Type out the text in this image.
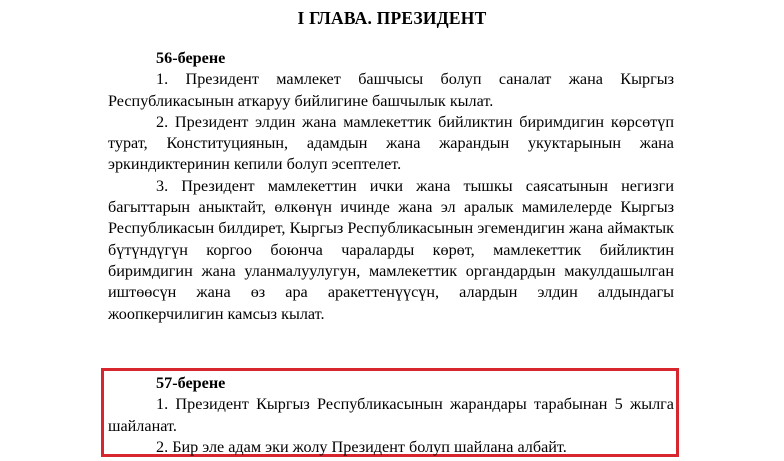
I ГЛАВА. ПРЕЗИДЕНТ

56-берене

1. Президент мамлекет башчысы болуп саналат жана Кыргыз Республикасынын аткаруу бийлигине башчылык кылат.

2. Президент элдин жана мамлекеттик бийликтин биримдигин көрсөтүп турат, Конституциянын, адамдын жана жарандын укуктарынын жана эркиндиктеринин кепили болуп эсептелет.

3. Президент мамлекеттин ички жана тышкы саясатынын негизги багыттарын аныктайт, өлкөнүн ичинде жана эл аралык мамилелерде Кыргыз Республикасын билдирет, Кыргыз Республикасынын эгемендигин жана аймактык бүтүндүгүн коргоо боюнча чараларды көрөт, мамлекеттик бийликтин биримдигин жана уланмалуулугун, мамлекеттик органдардын макулдашылган иштөөсүн жана өз ара аракеттенүүсүн, алардын элдин алдындагы жоопкерчилигин камсыз кылат.

57-берене

1. Президент Кыргыз Республикасынын жарандары тарабынан 5 жылга шайланат.

2. Бир эле адам эки жолу Президент болуп шайлана албайт.
